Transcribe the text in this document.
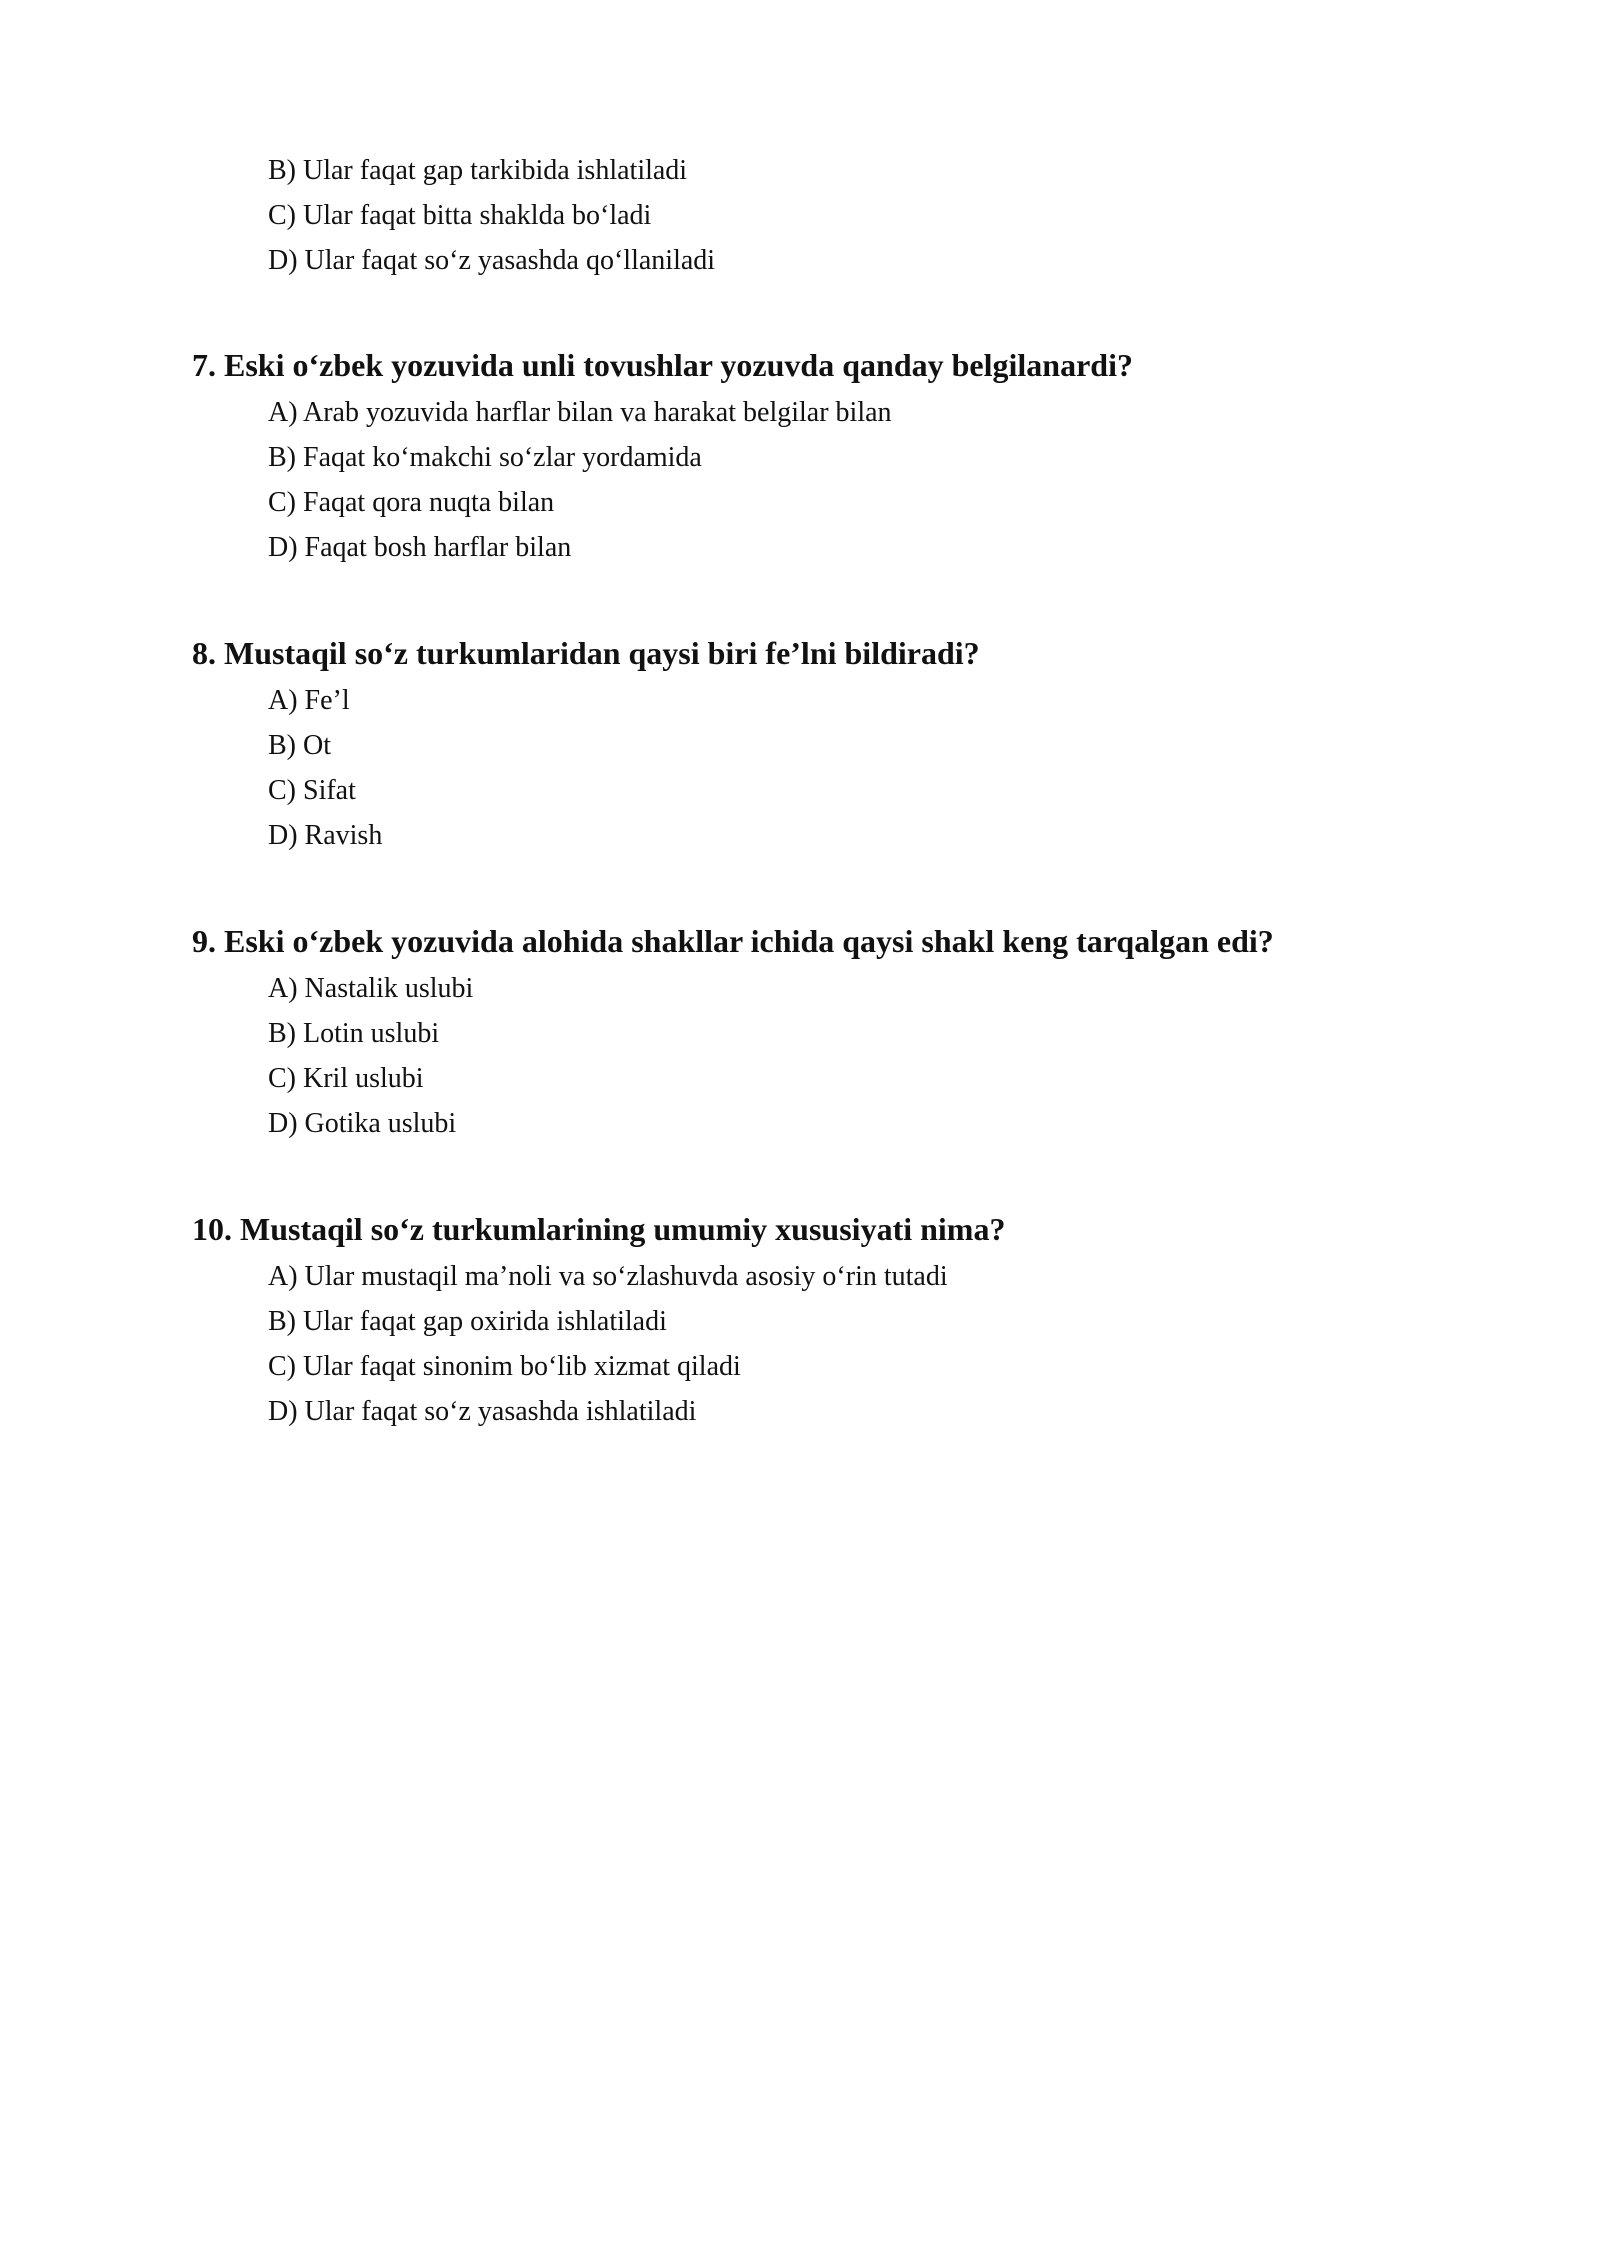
B) Ular faqat gap tarkibida ishlatiladi
C) Ular faqat bitta shaklda bo‘ladi
D) Ular faqat so‘z yasashda qo‘llaniladi
7. Eski o‘zbek yozuvida unli tovushlar yozuvda qanday belgilanardi?
A) Arab yozuvida harflar bilan va harakat belgilar bilan
B) Faqat ko‘makchi so‘zlar yordamida
C) Faqat qora nuqta bilan
D) Faqat bosh harflar bilan
8. Mustaqil so‘z turkumlaridan qaysi biri fe’lni bildiradi?
A) Fe’l
B) Ot
C) Sifat
D) Ravish
9. Eski o‘zbek yozuvida alohida shakllar ichida qaysi shakl keng tarqalgan edi?
A) Nastalik uslubi
B) Lotin uslubi
C) Kril uslubi
D) Gotika uslubi
10. Mustaqil so‘z turkumlarining umumiy xususiyati nima?
A) Ular mustaqil ma’noli va so‘zlashuvda asosiy o‘rin tutadi
B) Ular faqat gap oxirida ishlatiladi
C) Ular faqat sinonim bo‘lib xizmat qiladi
D) Ular faqat so‘z yasashda ishlatiladi
